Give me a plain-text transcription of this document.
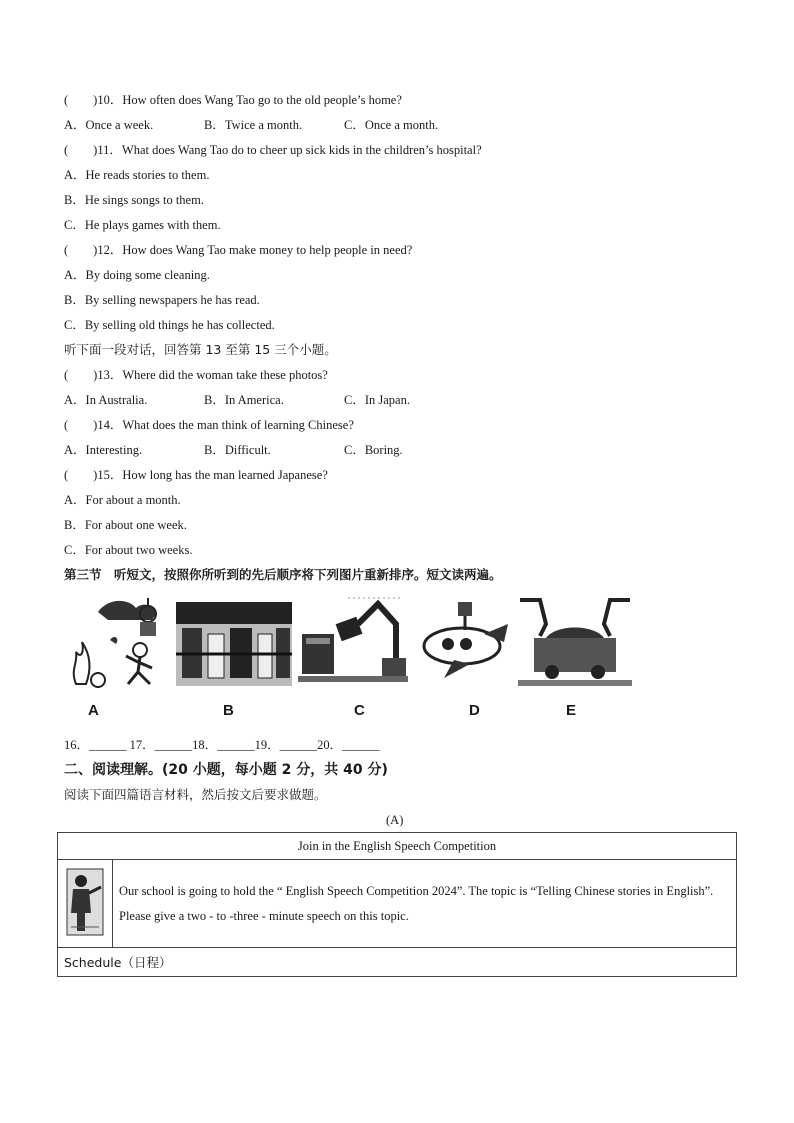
(　　)10．How often does Wang Tao go to the old people’s home?
A．Once a week.	B．Twice a month.	C．Once a month.
(　　)11．What does Wang Tao do to cheer up sick kids in the children’s hospital?
A．He reads stories to them.
B．He sings songs to them.
C．He plays games with them.
(　　)12．How does Wang Tao make money to help people in need?
A．By doing some cleaning.
B．By selling newspapers he has read.
C．By selling old things he has collected.
听下面一段对话，回答第 13 至第 15 三个小题。
(　　)13．Where did the woman take these photos?
A．In Australia.	B．In America.	C．In Japan.
(　　)14．What does the man think of learning Chinese?
A．Interesting.	B．Difficult.	C．Boring.
(　　)15．How long has the man learned Japanese?
A．For about a month.
B．For about one week.
C．For about two weeks.
第三节　听短文，按照你所听到的先后顺序将下列图片重新排序。短文读两遍。
A	B	C	D	E
16．______ 17．______18．______19．______20．______
二、阅读理解。(20 小题，每小题 2 分，共 40 分)
阅读下面四篇语言材料，然后按文后要求做题。
(A)
Join in the English Speech Competition
	Our school is going to hold the “ English Speech Competition 2024”. The topic is “Telling Chinese stories in English”. Please give a two - to -three - minute speech on this topic.
Schedule（日程）
